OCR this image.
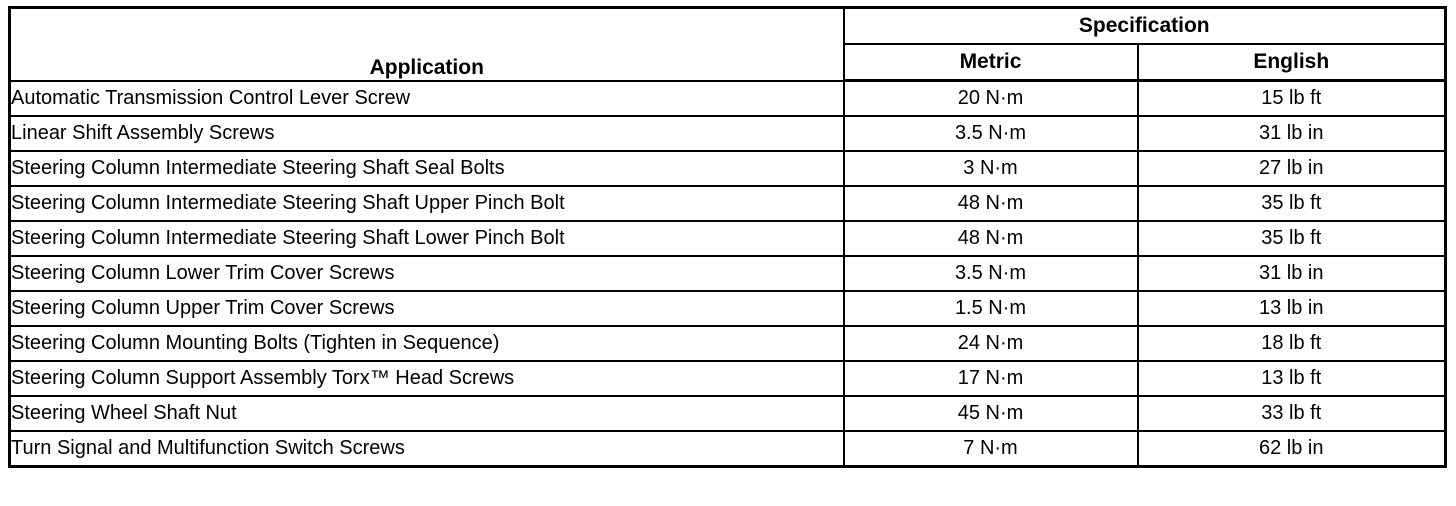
Application	Specification	
	Metric	English
Automatic Transmission Control Lever Screw	20 N·m	15 lb ft
Linear Shift Assembly Screws	3.5 N·m	31 lb in
Steering Column Intermediate Steering Shaft Seal Bolts	3 N·m	27 lb in
Steering Column Intermediate Steering Shaft Upper Pinch Bolt	48 N·m	35 lb ft
Steering Column Intermediate Steering Shaft Lower Pinch Bolt	48 N·m	35 lb ft
Steering Column Lower Trim Cover Screws	3.5 N·m	31 lb in
Steering Column Upper Trim Cover Screws	1.5 N·m	13 lb in
Steering Column Mounting Bolts (Tighten in Sequence)	24 N·m	18 lb ft
Steering Column Support Assembly Torx™ Head Screws	17 N·m	13 lb ft
Steering Wheel Shaft Nut	45 N·m	33 lb ft
Turn Signal and Multifunction Switch Screws	7 N·m	62 lb in
